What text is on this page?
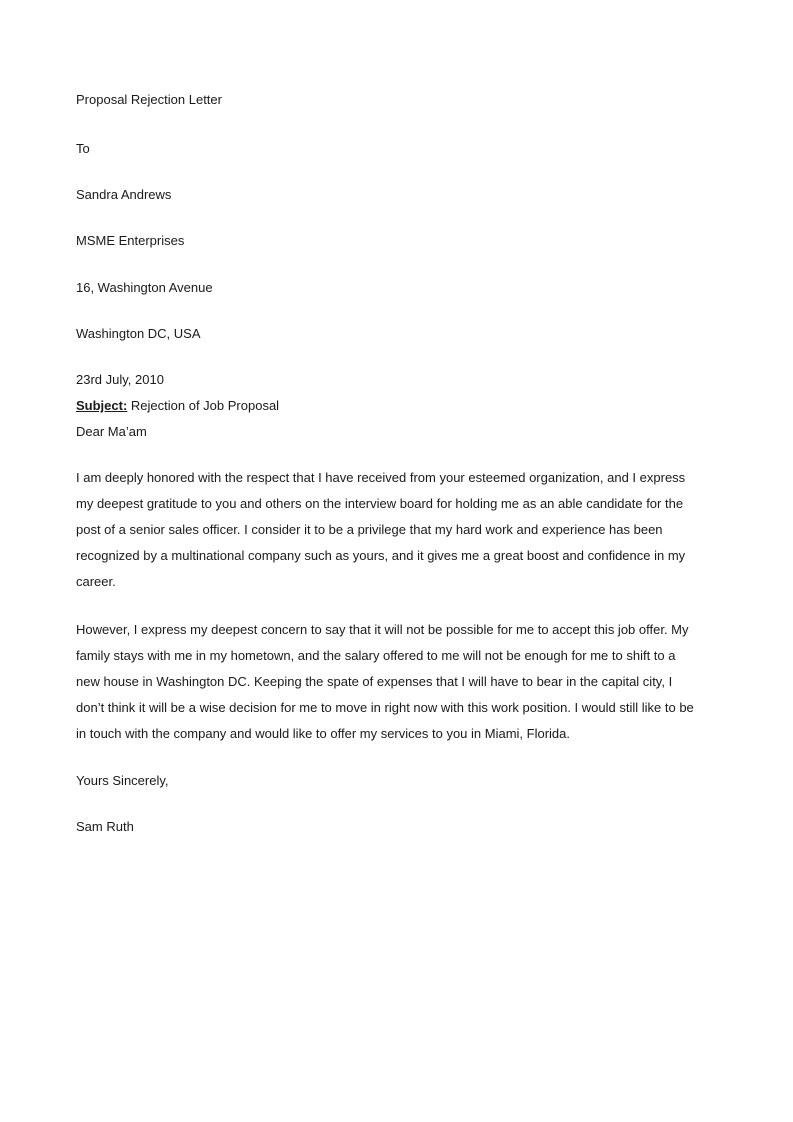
Proposal Rejection Letter
To
Sandra Andrews
MSME Enterprises
16, Washington Avenue
Washington DC, USA
23rd July, 2010
Subject: Rejection of Job Proposal
Dear Ma’am
I am deeply honored with the respect that I have received from your esteemed organization, and I express
my deepest gratitude to you and others on the interview board for holding me as an able candidate for the
post of a senior sales officer. I consider it to be a privilege that my hard work and experience has been
recognized by a multinational company such as yours, and it gives me a great boost and confidence in my
career.
However, I express my deepest concern to say that it will not be possible for me to accept this job offer. My
family stays with me in my hometown, and the salary offered to me will not be enough for me to shift to a
new house in Washington DC. Keeping the spate of expenses that I will have to bear in the capital city, I
don’t think it will be a wise decision for me to move in right now with this work position. I would still like to be
in touch with the company and would like to offer my services to you in Miami, Florida.
Yours Sincerely,
Sam Ruth
